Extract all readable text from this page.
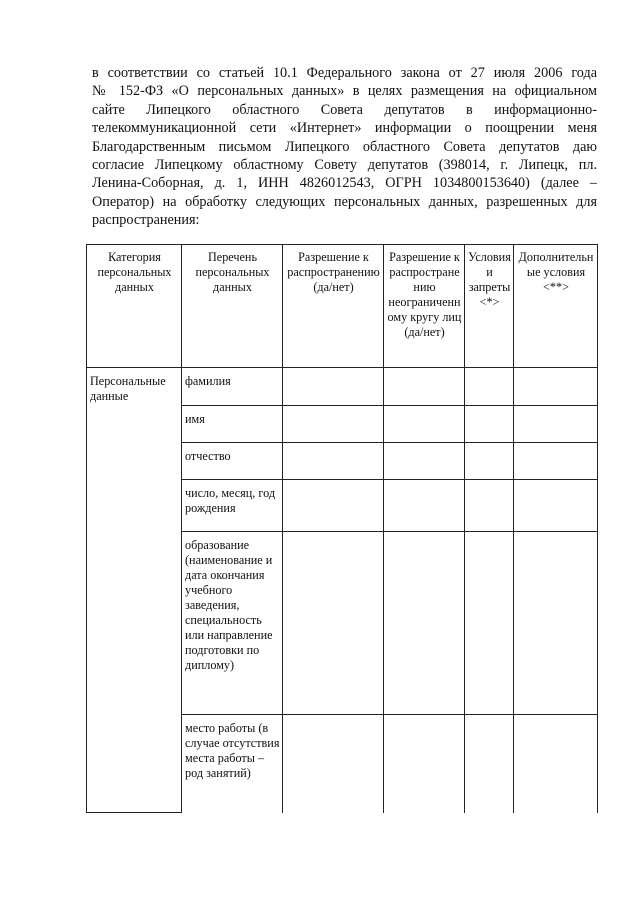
в соответствии со статьей 10.1 Федерального закона от 27 июля 2006 года
№ 152-ФЗ «О персональных данных» в целях размещения на официальном
сайте Липецкого областного Совета депутатов в информационно-
телекоммуникационной сети «Интернет» информации о поощрении меня
Благодарственным письмом Липецкого областного Совета депутатов даю
согласие Липецкому областному Совету депутатов (398014, г. Липецк, пл.
Ленина-Соборная, д. 1, ИНН 4826012543, ОГРН 1034800153640) (далее –
Оператор) на обработку следующих персональных данных, разрешенных для
распространения:
Категория персональных данных	Перечень персональных данных	Разрешение к распространению (да/нет)	Разрешение к распространению неограниченному кругу лиц (да/нет)	Условия и запреты <*>	Дополнительные условия <**>
Персональные данные	фамилия				
	имя				
	отчество				
	число, месяц, год рождения				
	образование (наименование и дата окончания учебного заведения, специальность или направление подготовки по диплому)				
	место работы (в случае отсутствия места работы – род занятий)				
